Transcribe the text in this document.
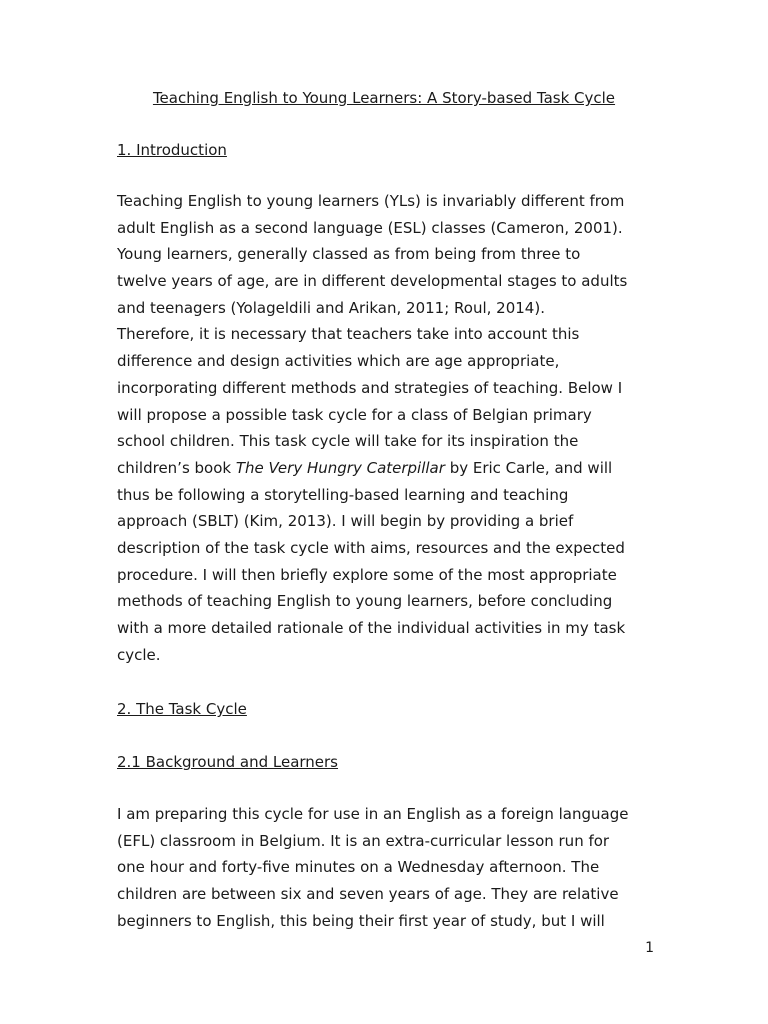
Teaching English to Young Learners: A Story-based Task Cycle
1. Introduction
Teaching English to young learners (YLs) is invariably different from
adult English as a second language (ESL) classes (Cameron, 2001).
Young learners, generally classed as from being from three to
twelve years of age, are in different developmental stages to adults
and teenagers (Yolageldili and Arikan, 2011; Roul, 2014).
Therefore, it is necessary that teachers take into account this
difference and design activities which are age appropriate,
incorporating different methods and strategies of teaching. Below I
will propose a possible task cycle for a class of Belgian primary
school children. This task cycle will take for its inspiration the
children’s book The Very Hungry Caterpillar by Eric Carle, and will
thus be following a storytelling-based learning and teaching
approach (SBLT) (Kim, 2013). I will begin by providing a brief
description of the task cycle with aims, resources and the expected
procedure. I will then briefly explore some of the most appropriate
methods of teaching English to young learners, before concluding
with a more detailed rationale of the individual activities in my task
cycle.
2. The Task Cycle
2.1 Background and Learners
I am preparing this cycle for use in an English as a foreign language
(EFL) classroom in Belgium. It is an extra-curricular lesson run for
one hour and forty-five minutes on a Wednesday afternoon. The
children are between six and seven years of age. They are relative
beginners to English, this being their first year of study, but I will
1
